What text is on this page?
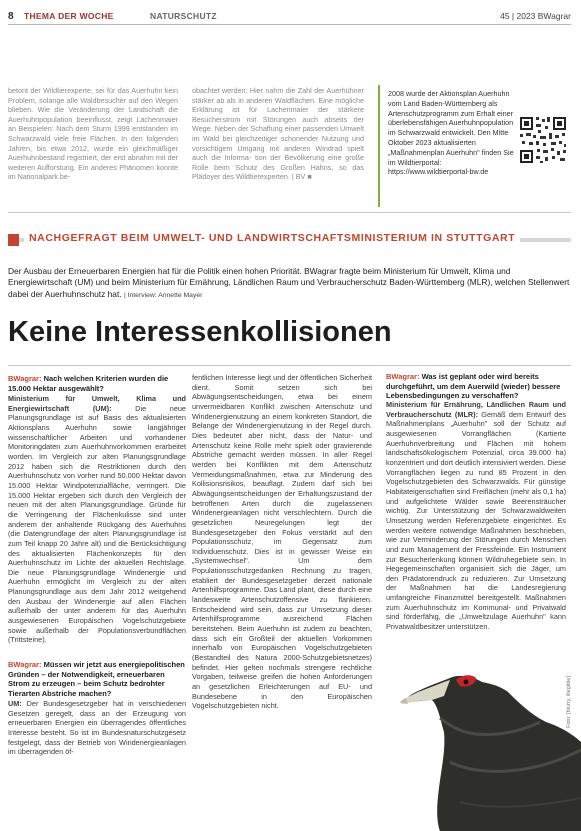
8 THEMA DER WOCHE	NATURSCHUTZ	45 | 2023 BWagrar

betont der Wildtierexperte, sei für das Auerhuhn kein Problem, solange alle Waldbesucher auf den Wegen blieben. Wie die Veränderung der Landschaft die Auerhuhnpopulation beeinflusst, zeigt Lachenmaier an Beispielen: Nach dem Sturm 1999 entstanden im Schwarzwald viele freie Flächen. In den folgenden Jahren, bis etwa 2012, wurde ein gleichmäßiger Auerhuhnbestand registriert, der erst abnahm mit der weiteren Aufforstung. Ein anderes Phänomen konnte im Nationalpark be-

obachtet werden: Hier nahm die Zahl der Auerhühner stärker ab als in anderen Waldflächen. Eine mögliche Erklärung ist für Lachenmaier der stärkere Besucherstrom mit Störungen auch abseits der Wege. Neben der Schaffung einer passenden Umwelt im Wald bei gleichzeitiger schonender Nutzung und vorsichtigem Umgang mit anderen Windrad spielt auch die Informa- tion der Bevölkerung eine große Rolle beim Schutz des Großen Hahns, so das Plädoyer des Wildtierexperten. | BV ■

2008 wurde der Aktionsplan Auerhuhn vom Land Baden-Württemberg als Artenschutzprogramm zum Erhalt einer überlebensfähigen Auerhuhnpopulation im Schwarzwald entwickelt. Den Mitte Oktober 2023 aktualisierten „Maßnahmenplan Auerhuhn" finden Sie im Wildtierportal: https://www.wildtierportal-bw.de

NACHGEFRAGT BEIM UMWELT- UND LANDWIRTSCHAFTSMINISTERIUM IN STUTTGART

Der Ausbau der Erneuerbaren Energien hat für die Politik einen hohen Priorität. BWagrar fragte beim Ministerium für Umwelt, Klima und Energiewirtschaft (UM) und beim Ministerium für Ernährung, Ländlichen Raum und Verbraucherschutz Baden-Württemberg (MLR), welchen Stellenwert dabei der Auerhuhnschutz hat. | Interview: Annette Mayer

Keine Interessenkollisionen

BWagrar: Nach welchen Kriterien wurden die 15.000 Hektar ausgewählt?

Ministerium für Umwelt, Klima und Energiewirtschaft (UM):	Die neue Planungsgrundlage ist auf Basis des aktualisierten Aktionsplans Auerhuhn sowie langjähriger wissenschaftlicher Arbeiten und vorhandener Monitoringdaten zum Auerhuhnvorkommen erarbeitet worden. Im Vergleich zur alten Planungsgrundlage 2012 haben sich die Restriktionen durch den Auerhuhnschutz von vorher rund 50.000 Hektar davon 15.000 Hektar Windpotenzialfläche, verringert. Die 15.000 Hektar ergeben sich durch den Vergleich der neuen mit der alten Planungsgrundlage. Gründe für die Verringerung der Flächenkulisse sind unter anderem der anhaltende Rückgang des Auerhuhns (die Datengrundlage der alten Planungsgrundlage ist zum Teil knapp 20 Jahre alt) und die Berücksichtigung des aktualisierten Flächenkonzepts für den Auerhuhnschutz im Lichte der aktuellen Rechtslage. Die neue Planungsgrundlage Windenergie und Auerhuhn ermöglicht im Vergleich zu der alten Planungsgrundlage aus dem Jahr 2012 weitgehend den Ausbau der Windenergie auf allen Flächen außerhalb der unter anderem für das Auerhuhn ausgewiesenen Europäischen Vogelschutzgebiete sowie außerhalb der Populationsverbundflächen (Trittsteine).

BWagrar: Müssen wir jetzt aus energiepolitischen Gründen – der Notwendigkeit, erneuerbaren Strom zu erzeugen – beim Schutz bedrohter Tierarten Abstriche machen?

UM: Der Bundesgesetzgeber hat in verschiedenen Gesetzen geregelt, dass an der Erzeugung von erneuerbaren Energien ein überragendes öffentliches Interesse besteht. So ist im Bundesnaturschutzgesetz festgelegt, dass der Betrieb von Windenergieanlagen im überragenden öf-

fentlichen Interesse liegt und der öffentlichen Sicherheit dient. Somit setzen sich bei Abwägungsentscheidungen, etwa bei einem unvermeidbaren Konflikt zwischen Artenschutz und Windenergienutzung an einem konkreten Standort, die Belange der Windenergienutzung in der Regel durch. Dies bedeutet aber nicht, dass der Natur- und Artenschutz keine Rolle mehr spielt oder gravierende Abstriche gemacht werden müssen. In aller Regel werden bei Konflikten mit dem Artenschutz Vermeidungsmaßnahmen, etwa zur Minderung des Kollisionsrisikos, beauflagt. Zudem darf sich bei Abwägungsentscheidungen der Erhaltungszustand der betroffenen Arten durch die zugelassenen Windenergieanlagen nicht verschlechtern. Durch die gesetzlichen Neuregelungen legt der Bundesgesetzgeber den Fokus verstärkt auf den Populationsschutz, im Gegensatz zum Individuenschutz. Dies ist in gewisser Weise ein „Systemwechsel". Um dem Populationsschutzgedanken Rechnung zu tragen, etabliert der Bundesgesetzgeber derzeit nationale Artenhilfsprogramme. Das Land plant, diese durch eine landesweite Artenschutzoffensive zu flankieren. Entscheidend wird sein, dass zur Umsetzung dieser Artenhilfsprogramme ausreichend Flächen bereitstehen. Beim Auerhuhn ist zudem zu beachten, dass sich ein Großteil der aktuellen Vorkommen innerhalb von Europäischen Vogelschutzgebieten (Bestandteil des Natura 2000-Schutzgebietsnetzes) befindet. Hier gelten nochmals strengere rechtliche Vorgaben, teilweise greifen die hohen Anforderungen an gesetzlichen Erleichterungen auf EU- und Bundesebene in den Europäischen Vogelschutzgebieten nicht.

BWagrar: Was ist geplant oder wird bereits durchgeführt, um dem Auerwild (wieder) bessere Lebensbedingungen zu verschaffen?

Ministerium für Ernährung, Ländlichen Raum und Verbraucherschutz (MLR): Gemäß dem Entwurf des Maßnahmenplans „Auerhuhn" soll der Schutz auf ausgewiesenen Vorrangflächen (Kartierte Auerhuhnverbreitung und Flächen mit hohem landschaftsökologischem Potenzial, circa 39.000 ha) konzentriert und dort deutlich intensiviert werden. Diese Vorrangflächen liegen zu rund 85 Prozent in den Vogelschutzgebieten des Schwarzwalds. Für günstige Habitateigenschaften sind Freiflächen (mehr als 0,1 ha) und aufgelichtete Wälder sowie Beerensträucher wichtig. Zur Unterstützung der Schwarzwaldweiten Umsetzung werden Referenzgebiete eingerichtet. Es werden weitere notwendige Maßnahmen beschrieben, wie zur Verminderung der Störungen durch Menschen und zum Management der Fressfeinde. Ein Instrument zur Besucherlenkung können Wildruhegebiete sein. In Hegegemeinschaften organisiert sich die Jäger, um den Prädatorendruck zu reduzieren. Zur Umsetzung der Maßnahmen hat die Landesregierung umfangreiche Finanzmittel bereitgestellt. Maßnahmen zum Auerhuhnschutz im Kommunal- und Privatwald sind förderfähig, die „Umweltzulage Auerhuhn" kann Privatwaldbesitzer unterstützen.

Foto: [blurry, illegible]
